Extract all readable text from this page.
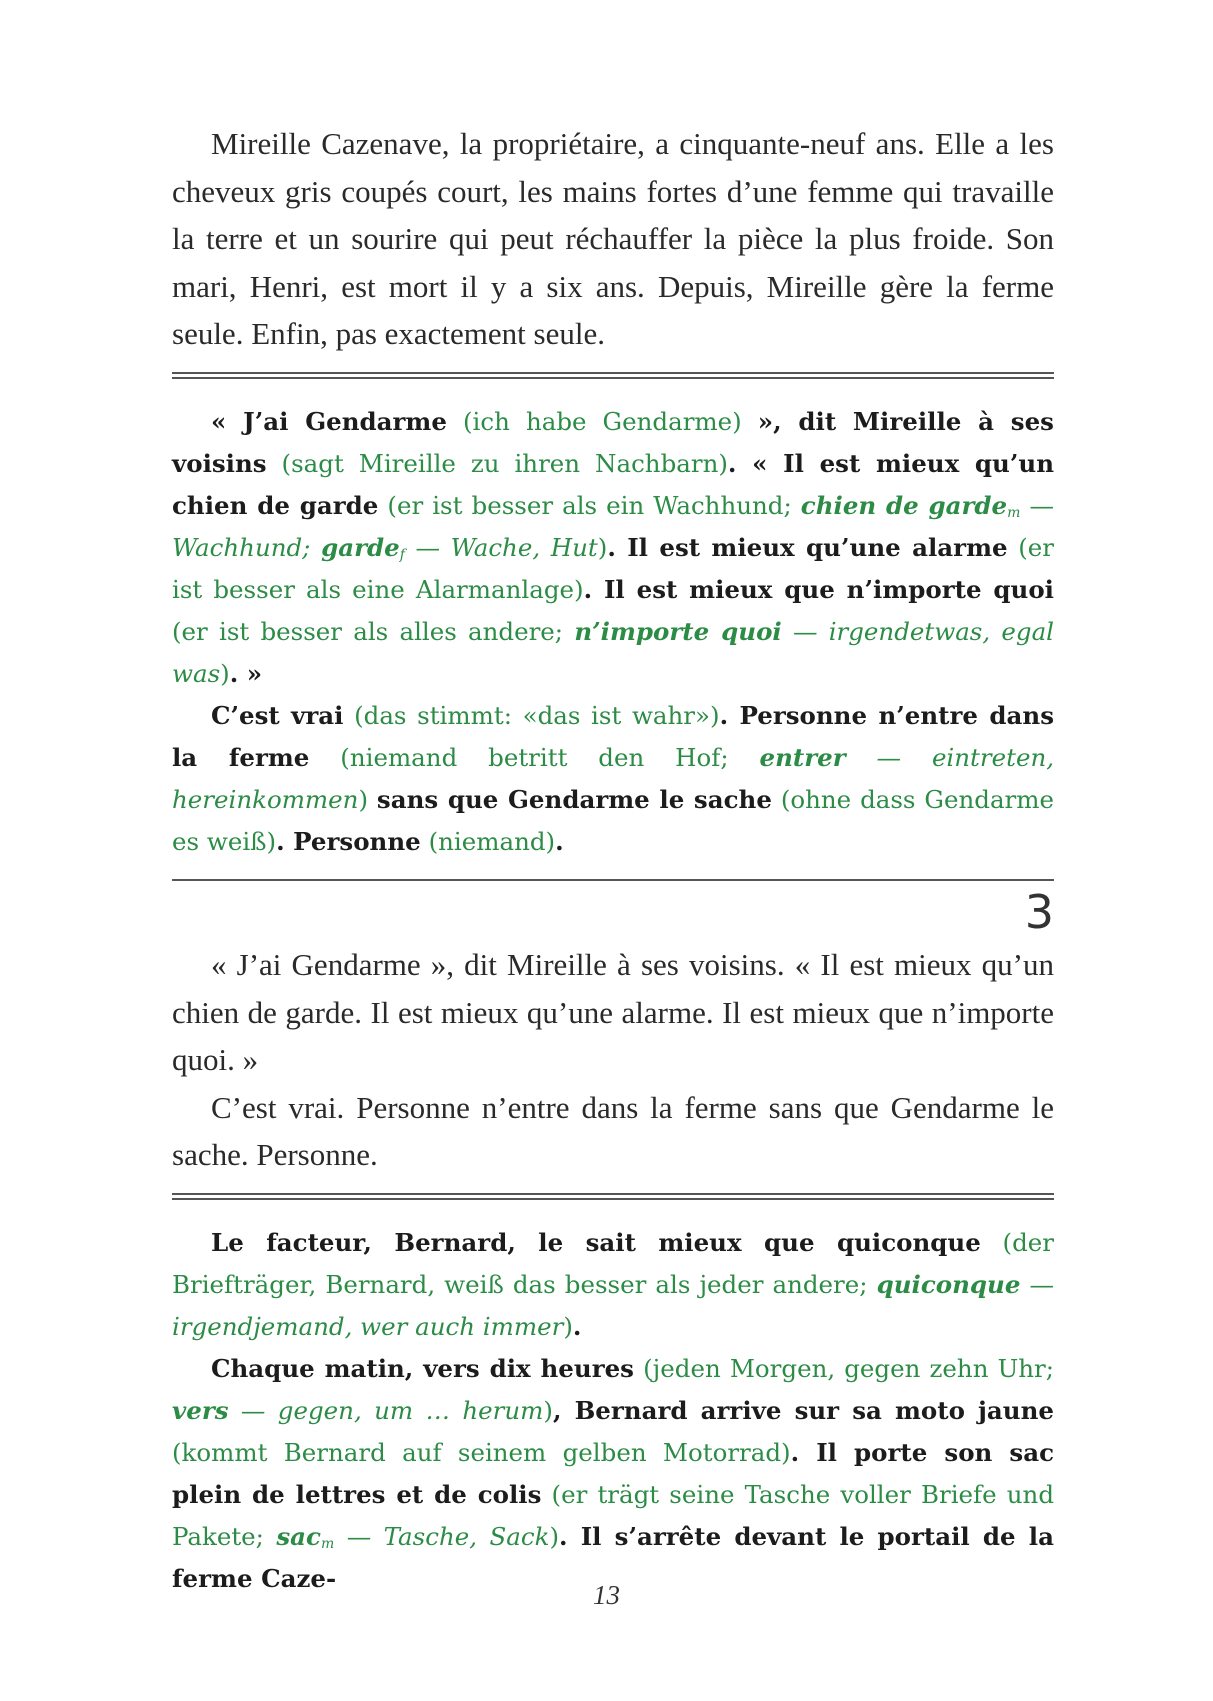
Mireille Cazenave, la propriétaire, a cinquante-neuf ans. Elle a les cheveux gris coupés court, les mains fortes d’une femme qui travaille la terre et un sourire qui peut réchauffer la pièce la plus froide. Son mari, Henri, est mort il y a six ans. Depuis, Mireille gère la ferme seule. Enfin, pas exactement seule.

« J’ai Gendarme (ich habe Gendarme) », dit Mireille à ses voisins (sagt Mireille zu ihren Nachbarn). « Il est mieux qu’un chien de garde (er ist besser als ein Wachhund; chien de garde$_m$ — Wachhund; garde$_f$ — Wache, Hut). Il est mieux qu’une alarme (er ist besser als eine Alarmanlage). Il est mieux que n’importe quoi (er ist besser als alles andere; n’importe quoi — irgendetwas, egal was). »

C’est vrai (das stimmt: «das ist wahr»). Personne n’entre dans la ferme (niemand betritt den Hof; entrer — eintreten, hereinkommen) sans que Gendarme le sache (ohne dass Gendarme es weiß). Personne (niemand).

3

« J’ai Gendarme », dit Mireille à ses voisins. « Il est mieux qu’un chien de garde. Il est mieux qu’une alarme. Il est mieux que n’importe quoi. »

C’est vrai. Personne n’entre dans la ferme sans que Gendarme le sache. Personne.

Le facteur, Bernard, le sait mieux que quiconque (der Briefträger, Bernard, weiß das besser als jeder andere; quiconque — irgendjemand, wer auch immer).

Chaque matin, vers dix heures (jeden Morgen, gegen zehn Uhr; vers — gegen, um … herum), Bernard arrive sur sa moto jaune (kommt Bernard auf seinem gelben Motorrad). Il porte son sac plein de lettres et de colis (er trägt seine Tasche voller Briefe und Pakete; sac$_m$ — Tasche, Sack). Il s’arrête devant le portail de la ferme Caze-

13
